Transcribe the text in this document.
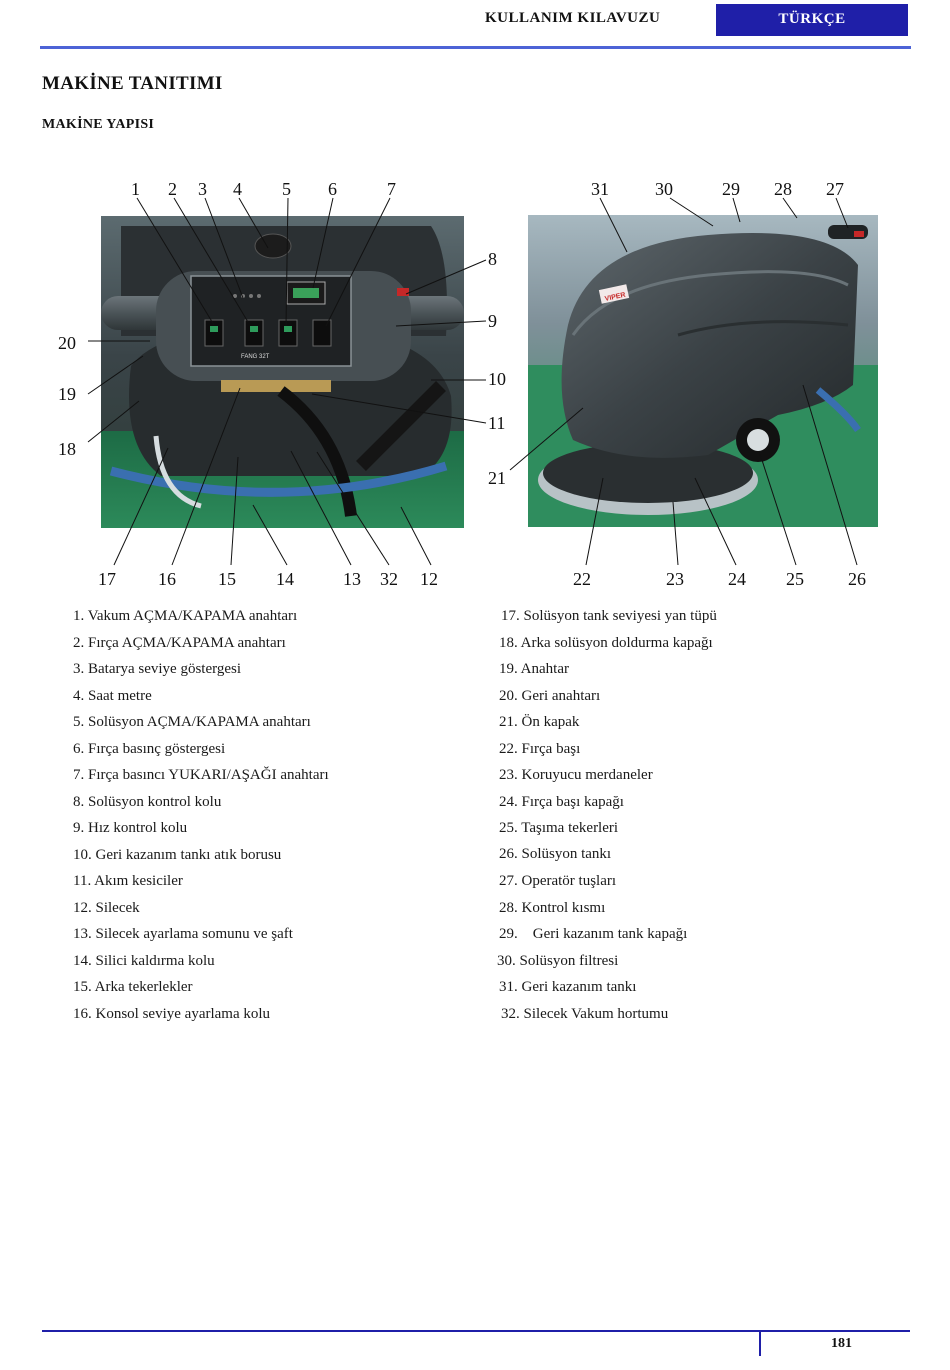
KULLANIM KILAVUZU	TÜRKÇE
MAKİNE TANITIMI
MAKİNE YAPISI
FANG 32T
VIPER
1 2 3 4 5 6	7
8
9
10
11
20
19
18
17 16 15 14	13 32 12
21
31	30	29 28 27
22	23 24 25 26
1. Vakum AÇMA/KAPAMA anahtarı
2. Fırça AÇMA/KAPAMA anahtarı
3. Batarya seviye göstergesi
4. Saat metre
5. Solüsyon AÇMA/KAPAMA anahtarı
6. Fırça basınç göstergesi
7. Fırça basıncı YUKARI/AŞAĞI anahtarı
8. Solüsyon kontrol kolu
9. Hız kontrol kolu
10. Geri kazanım tankı atık borusu
11. Akım kesiciler
12. Silecek
13. Silecek ayarlama somunu ve şaft
14. Silici kaldırma kolu
15. Arka tekerlekler
16. Konsol seviye ayarlama kolu
17. Solüsyon tank seviyesi yan tüpü
18. Arka solüsyon doldurma kapağı
19. Anahtar
20. Geri anahtarı
21. Ön kapak
22. Fırça başı
23. Koruyucu merdaneler
24. Fırça başı kapağı
25. Taşıma tekerleri
26. Solüsyon tankı
27. Operatör tuşları
28. Kontrol kısmı
29.    Geri kazanım tank kapağı
30. Solüsyon filtresi
31. Geri kazanım tankı
32. Silecek Vakum hortumu
181
